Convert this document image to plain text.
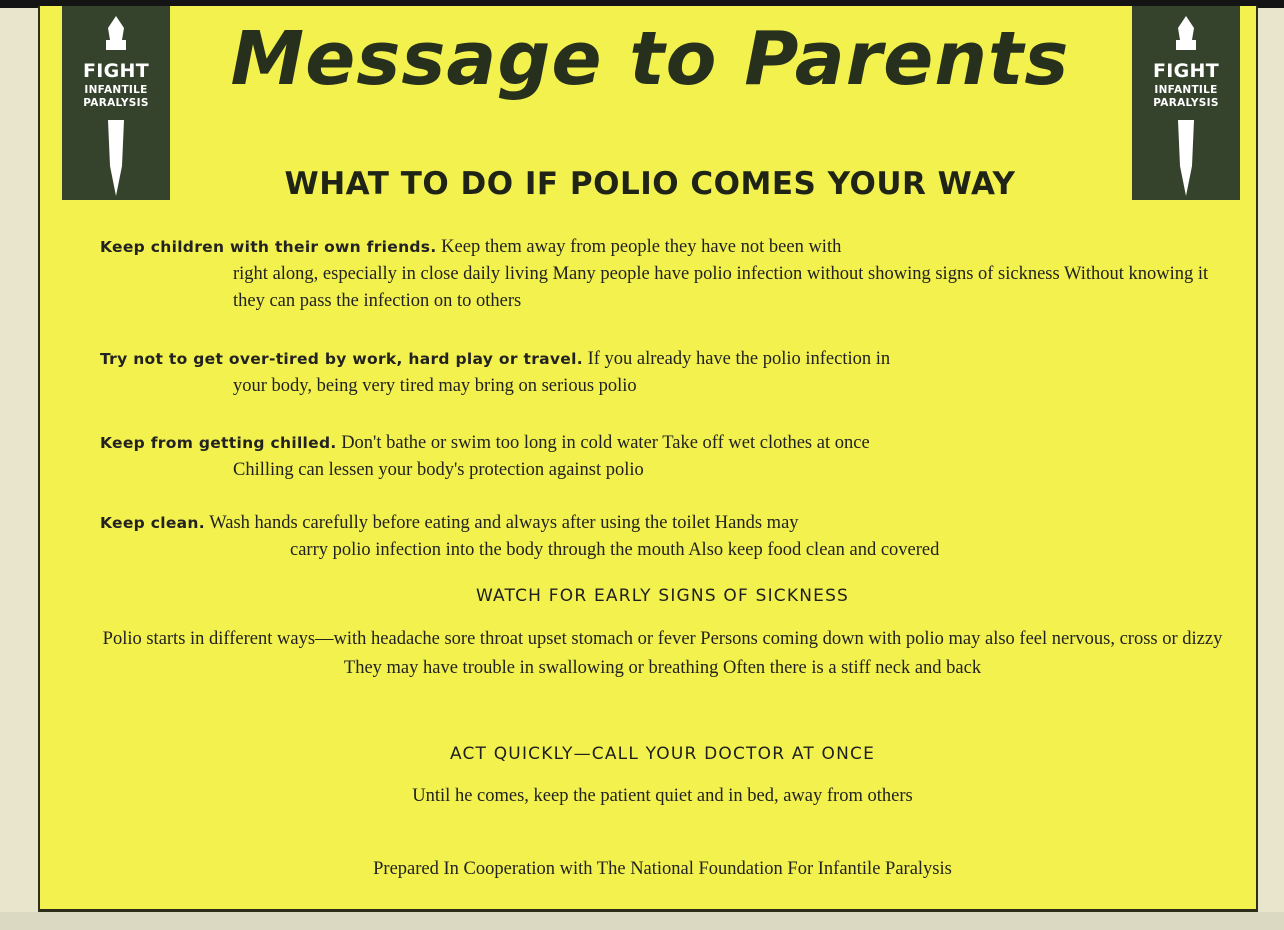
FIGHT
INFANTILE
PARALYSIS
FIGHT
INFANTILE
PARALYSIS
Message to Parents
WHAT TO DO IF POLIO COMES YOUR WAY
Keep children with their own friends. Keep them away from people they have not been with
right along, especially in close daily living Many people have polio infection without showing signs of sickness Without knowing it they can pass the infection on to others
Try not to get over-tired by work, hard play or travel. If you already have the polio infection in
your body, being very tired may bring on serious polio
Keep from getting chilled. Don't bathe or swim too long in cold water Take off wet clothes at once
Chilling can lessen your body's protection against polio
Keep clean. Wash hands carefully before eating and always after using the toilet Hands may
carry polio infection into the body through the mouth Also keep food clean and covered
WATCH FOR EARLY SIGNS OF SICKNESS
Polio starts in different ways—with headache sore throat upset stomach or fever Persons coming down with polio may also feel nervous, cross or dizzy They may have trouble in swallowing or breathing Often there is a stiff neck and back
ACT QUICKLY—CALL YOUR DOCTOR AT ONCE
Until he comes, keep the patient quiet and in bed, away from others
Prepared In Cooperation with The National Foundation For Infantile Paralysis
